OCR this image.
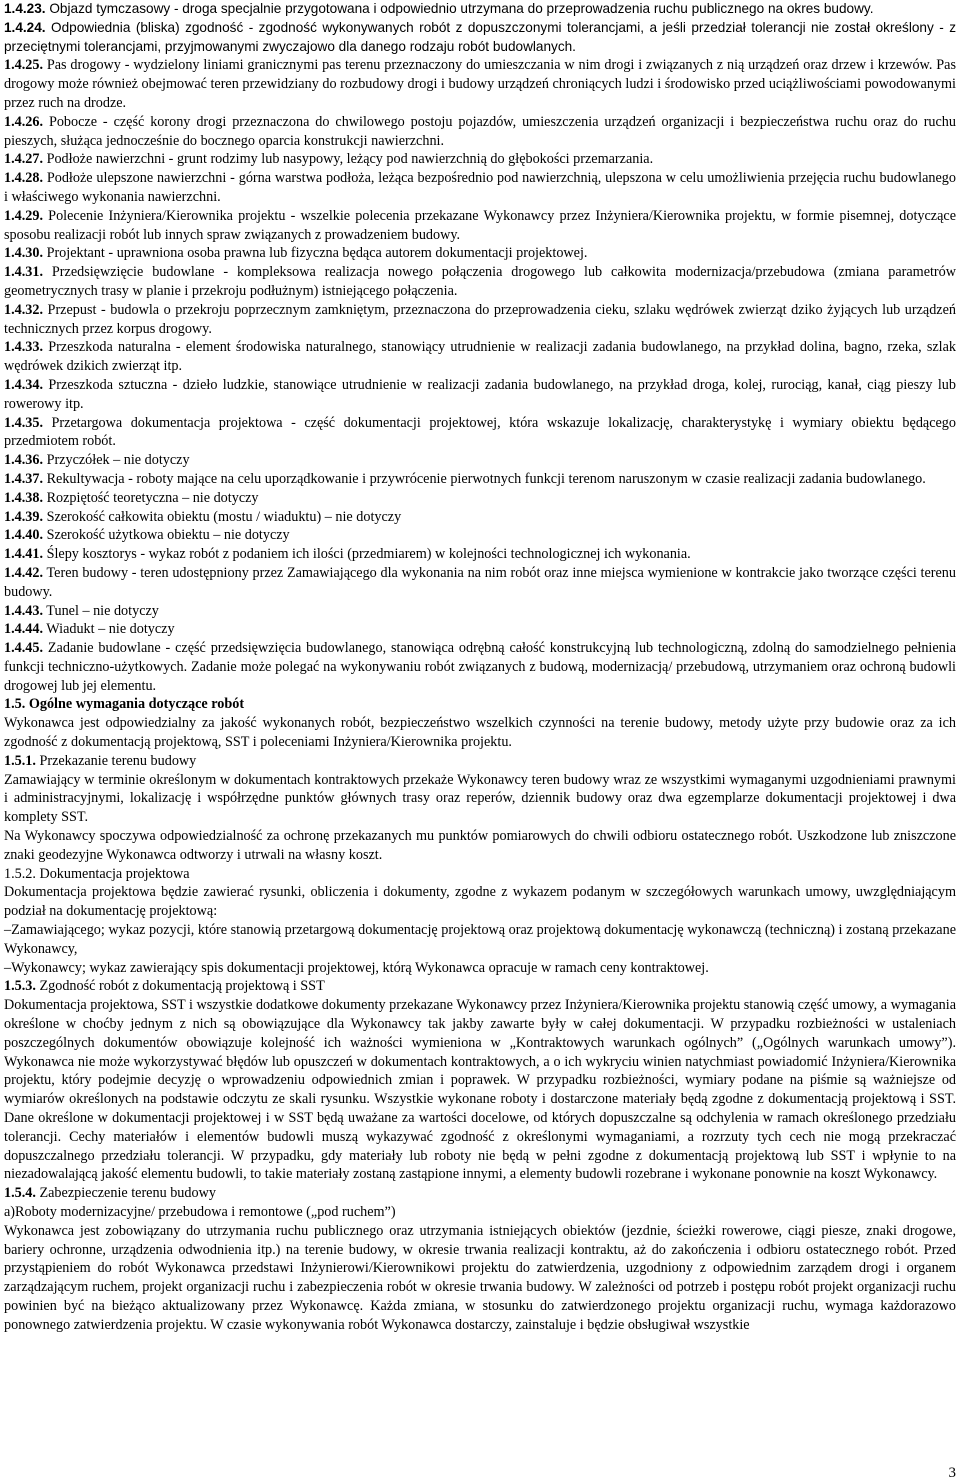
1.4.23. Objazd tymczasowy - droga specjalnie przygotowana i odpowiednio utrzymana do przeprowadzenia ruchu publicznego na okres budowy.

1.4.24. Odpowiednia (bliska) zgodność - zgodność wykonywanych robót z dopuszczonymi tolerancjami, a jeśli przedział tolerancji nie został określony - z przeciętnymi tolerancjami, przyjmowanymi zwyczajowo dla danego rodzaju robót budowlanych.

1.4.25. Pas drogowy - wydzielony liniami granicznymi pas terenu przeznaczony do umieszczania w nim drogi i związanych z nią urządzeń oraz drzew i krzewów. Pas drogowy może również obejmować teren przewidziany do rozbudowy drogi i budowy urządzeń chroniących ludzi i środowisko przed uciążliwościami powodowanymi przez ruch na drodze.

1.4.26. Pobocze - część korony drogi przeznaczona do chwilowego postoju pojazdów, umieszczenia urządzeń organizacji i bezpieczeństwa ruchu oraz do ruchu pieszych, służąca jednocześnie do bocznego oparcia konstrukcji nawierzchni.

1.4.27. Podłoże nawierzchni - grunt rodzimy lub nasypowy, leżący pod nawierzchnią do głębokości przemarzania.

1.4.28. Podłoże ulepszone nawierzchni - górna warstwa podłoża, leżąca bezpośrednio pod nawierzchnią, ulepszona w celu umożliwienia przejęcia ruchu budowlanego i właściwego wykonania nawierzchni.

1.4.29. Polecenie Inżyniera/Kierownika projektu - wszelkie polecenia przekazane Wykonawcy przez Inżyniera/Kierownika projektu, w formie pisemnej, dotyczące sposobu realizacji robót lub innych spraw związanych z prowadzeniem budowy.

1.4.30. Projektant - uprawniona osoba prawna lub fizyczna będąca autorem dokumentacji projektowej.

1.4.31. Przedsięwzięcie budowlane - kompleksowa realizacja nowego połączenia drogowego lub całkowita modernizacja/przebudowa (zmiana parametrów geometrycznych trasy w planie i przekroju podłużnym) istniejącego połączenia.

1.4.32. Przepust - budowla o przekroju poprzecznym zamkniętym, przeznaczona do przeprowadzenia cieku, szlaku wędrówek zwierząt dziko żyjących lub urządzeń technicznych przez korpus drogowy.

1.4.33. Przeszkoda naturalna - element środowiska naturalnego, stanowiący utrudnienie w realizacji zadania budowlanego, na przykład dolina, bagno, rzeka, szlak wędrówek dzikich zwierząt itp.

1.4.34. Przeszkoda sztuczna - dzieło ludzkie, stanowiące utrudnienie w realizacji zadania budowlanego, na przykład droga, kolej, rurociąg, kanał, ciąg pieszy lub rowerowy itp.

1.4.35. Przetargowa dokumentacja projektowa - część dokumentacji projektowej, która wskazuje lokalizację, charakterystykę i wymiary obiektu będącego przedmiotem robót.

1.4.36. Przyczółek – nie dotyczy

1.4.37. Rekultywacja - roboty mające na celu uporządkowanie i przywrócenie pierwotnych funkcji terenom naruszonym w czasie realizacji zadania budowlanego.

1.4.38. Rozpiętość teoretyczna – nie dotyczy

1.4.39. Szerokość całkowita obiektu (mostu / wiaduktu) – nie dotyczy

1.4.40. Szerokość użytkowa obiektu – nie dotyczy

1.4.41. Ślepy kosztorys - wykaz robót z podaniem ich ilości (przedmiarem) w kolejności technologicznej ich wykonania.

1.4.42. Teren budowy - teren udostępniony przez Zamawiającego dla wykonania na nim robót oraz inne miejsca wymienione w kontrakcie jako tworzące części terenu budowy.

1.4.43. Tunel – nie dotyczy

1.4.44. Wiadukt – nie dotyczy

1.4.45. Zadanie budowlane - część przedsięwzięcia budowlanego, stanowiąca odrębną całość konstrukcyjną lub technologiczną, zdolną do samodzielnego pełnienia funkcji techniczno-użytkowych. Zadanie może polegać na wykonywaniu robót związanych z budową, modernizacją/ przebudową, utrzymaniem oraz ochroną budowli drogowej lub jej elementu.

1.5. Ogólne wymagania dotyczące robót

Wykonawca jest odpowiedzialny za jakość wykonanych robót, bezpieczeństwo wszelkich czynności na terenie budowy, metody użyte przy budowie oraz za ich zgodność z dokumentacją projektową, SST i poleceniami Inżyniera/Kierownika projektu.

1.5.1. Przekazanie terenu budowy

Zamawiający w terminie określonym w dokumentach kontraktowych przekaże Wykonawcy teren budowy wraz ze wszystkimi wymaganymi uzgodnieniami prawnymi i administracyjnymi, lokalizację i współrzędne punktów głównych trasy oraz reperów, dziennik budowy oraz dwa egzemplarze dokumentacji projektowej i dwa komplety SST.

Na Wykonawcy spoczywa odpowiedzialność za ochronę przekazanych mu punktów pomiarowych do chwili odbioru ostatecznego robót. Uszkodzone lub zniszczone znaki geodezyjne Wykonawca odtworzy i utrwali na własny koszt.

1.5.2. Dokumentacja projektowa

Dokumentacja projektowa będzie zawierać rysunki, obliczenia i dokumenty, zgodne z wykazem podanym w szczegółowych warunkach umowy, uwzględniającym podział na dokumentację projektową:

–Zamawiającego; wykaz pozycji, które stanowią przetargową dokumentację projektową oraz projektową dokumentację wykonawczą (techniczną) i zostaną przekazane Wykonawcy,

–Wykonawcy; wykaz zawierający spis dokumentacji projektowej, którą Wykonawca opracuje w ramach ceny kontraktowej.

1.5.3. Zgodność robót z dokumentacją projektową i SST

Dokumentacja projektowa, SST i wszystkie dodatkowe dokumenty przekazane Wykonawcy przez Inżyniera/Kierownika projektu stanowią część umowy, a wymagania określone w choćby jednym z nich są obowiązujące dla Wykonawcy tak jakby zawarte były w całej dokumentacji. W przypadku rozbieżności w ustaleniach poszczególnych dokumentów obowiązuje kolejność ich ważności wymieniona w „Kontraktowych warunkach ogólnych” („Ogólnych warunkach umowy”). Wykonawca nie może wykorzystywać błędów lub opuszczeń w dokumentach kontraktowych, a o ich wykryciu winien natychmiast powiadomić Inżyniera/Kierownika projektu, który podejmie decyzję o wprowadzeniu odpowiednich zmian i poprawek. W przypadku rozbieżności, wymiary podane na piśmie są ważniejsze od wymiarów określonych na podstawie odczytu ze skali rysunku. Wszystkie wykonane roboty i dostarczone materiały będą zgodne z dokumentacją projektową i SST. Dane określone w dokumentacji projektowej i w SST będą uważane za wartości docelowe, od których dopuszczalne są odchylenia w ramach określonego przedziału tolerancji. Cechy materiałów i elementów budowli muszą wykazywać zgodność z określonymi wymaganiami, a rozrzuty tych cech nie mogą przekraczać dopuszczalnego przedziału tolerancji. W przypadku, gdy materiały lub roboty nie będą w pełni zgodne z dokumentacją projektową lub SST i wpłynie to na niezadowalającą jakość elementu budowli, to takie materiały zostaną zastąpione innymi, a elementy budowli rozebrane i wykonane ponownie na koszt Wykonawcy.

1.5.4. Zabezpieczenie terenu budowy

a)Roboty modernizacyjne/ przebudowa i remontowe („pod ruchem”)

Wykonawca jest zobowiązany do utrzymania ruchu publicznego oraz utrzymania istniejących obiektów (jezdnie, ścieżki rowerowe, ciągi piesze, znaki drogowe, bariery ochronne, urządzenia odwodnienia itp.) na terenie budowy, w okresie trwania realizacji kontraktu, aż do zakończenia i odbioru ostatecznego robót. Przed przystąpieniem do robót Wykonawca przedstawi Inżynierowi/Kierownikowi projektu do zatwierdzenia, uzgodniony z odpowiednim zarządem drogi i organem zarządzającym ruchem, projekt organizacji ruchu i zabezpieczenia robót w okresie trwania budowy. W zależności od potrzeb i postępu robót projekt organizacji ruchu powinien być na bieżąco aktualizowany przez Wykonawcę. Każda zmiana, w stosunku do zatwierdzonego projektu organizacji ruchu, wymaga każdorazowo ponownego zatwierdzenia projektu. W czasie wykonywania robót Wykonawca dostarczy, zainstaluje i będzie obsługiwał wszystkie

3
